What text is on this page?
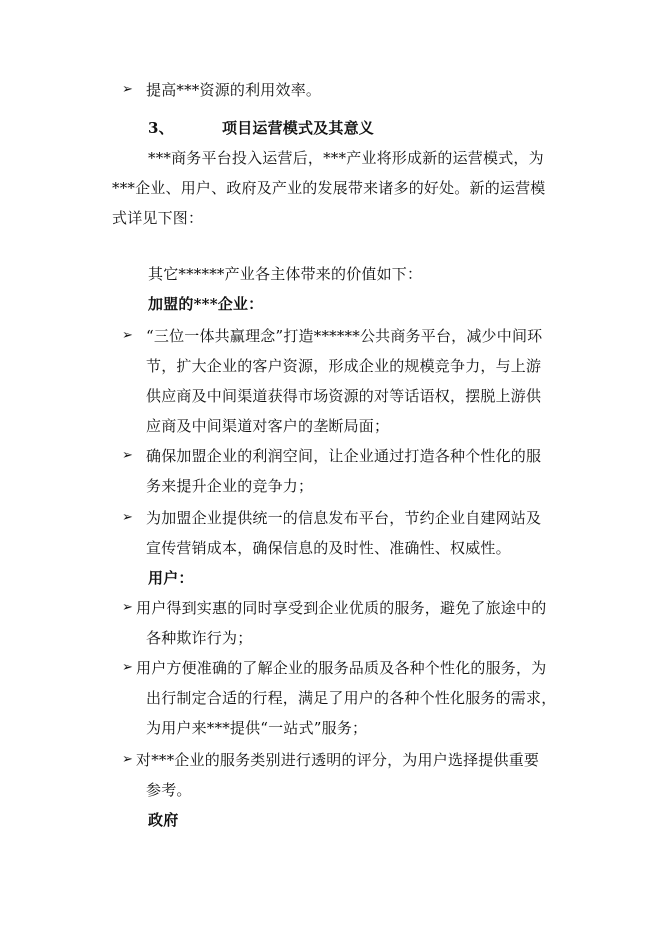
➢ 提高***资源的利用效率。
3、	项目运营模式及其意义
***商务平台投入运营后，***产业将形成新的运营模式，为
***企业、用户、政府及产业的发展带来诸多的好处。新的运营模
式详见下图：
其它******产业各主体带来的价值如下：
加盟的***企业：
➢ “三位一体共赢理念”打造******公共商务平台，减少中间环
节，扩大企业的客户资源，形成企业的规模竞争力，与上游
供应商及中间渠道获得市场资源的对等话语权，摆脱上游供
应商及中间渠道对客户的垄断局面；
➢ 确保加盟企业的利润空间，让企业通过打造各种个性化的服
务来提升企业的竞争力；
➢ 为加盟企业提供统一的信息发布平台，节约企业自建网站及
宣传营销成本，确保信息的及时性、准确性、权威性。
用户：
➢ 用户得到实惠的同时享受到企业优质的服务，避免了旅途中的
各种欺诈行为；
➢ 用户方便准确的了解企业的服务品质及各种个性化的服务，为
出行制定合适的行程，满足了用户的各种个性化服务的需求，
为用户来***提供“一站式”服务；
➢ 对***企业的服务类别进行透明的评分，为用户选择提供重要
参考。
政府
